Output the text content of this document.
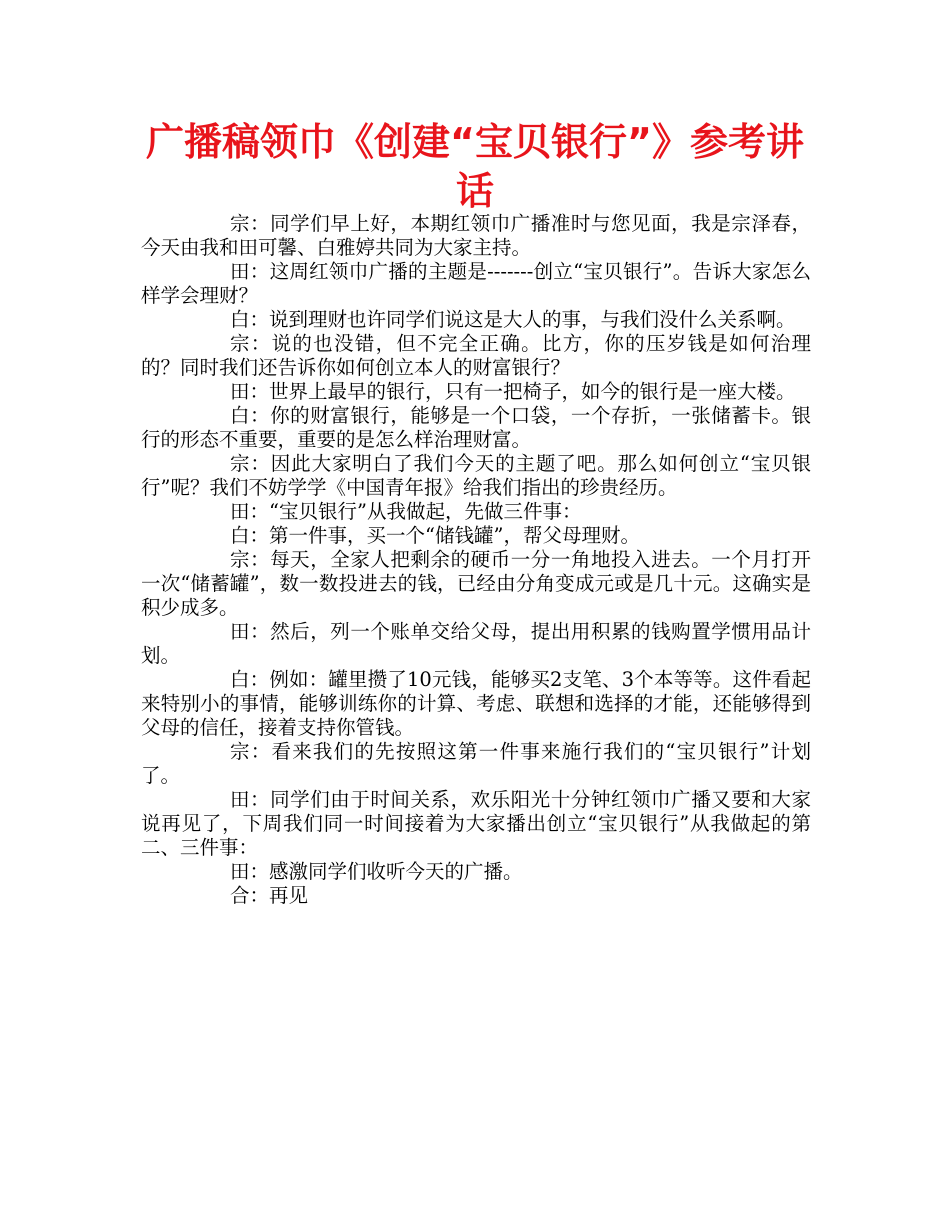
广播稿领巾《创建“宝贝银行”》参考讲话

宗：同学们早上好，本期红领巾广播准时与您见面，我是宗泽春，今天由我和田可馨、白雅婷共同为大家主持。

田：这周红领巾广播的主题是-------创立“宝贝银行”。告诉大家怎么样学会理财？

白：说到理财也许同学们说这是大人的事，与我们没什么关系啊。

宗：说的也没错，但不完全正确。比方，你的压岁钱是如何治理的？同时我们还告诉你如何创立本人的财富银行？

田：世界上最早的银行，只有一把椅子，如今的银行是一座大楼。

白：你的财富银行，能够是一个口袋，一个存折，一张储蓄卡。银行的形态不重要，重要的是怎么样治理财富。

宗：因此大家明白了我们今天的主题了吧。那么如何创立“宝贝银行”呢？我们不妨学学《中国青年报》给我们指出的珍贵经历。

田：“宝贝银行”从我做起，先做三件事：

白：第一件事，买一个“储钱罐”，帮父母理财。

宗：每天，全家人把剩余的硬币一分一角地投入进去。一个月打开一次“储蓄罐”，数一数投进去的钱，已经由分角变成元或是几十元。这确实是积少成多。

田：然后，列一个账单交给父母，提出用积累的钱购置学惯用品计划。

白：例如：罐里攒了10元钱，能够买2支笔、3个本等等。这件看起来特别小的事情，能够训练你的计算、考虑、联想和选择的才能，还能够得到父母的信任，接着支持你管钱。

宗：看来我们的先按照这第一件事来施行我们的“宝贝银行”计划了。

田：同学们由于时间关系，欢乐阳光十分钟红领巾广播又要和大家说再见了，下周我们同一时间接着为大家播出创立“宝贝银行”从我做起的第二、三件事：

田：感激同学们收听今天的广播。

合：再见
